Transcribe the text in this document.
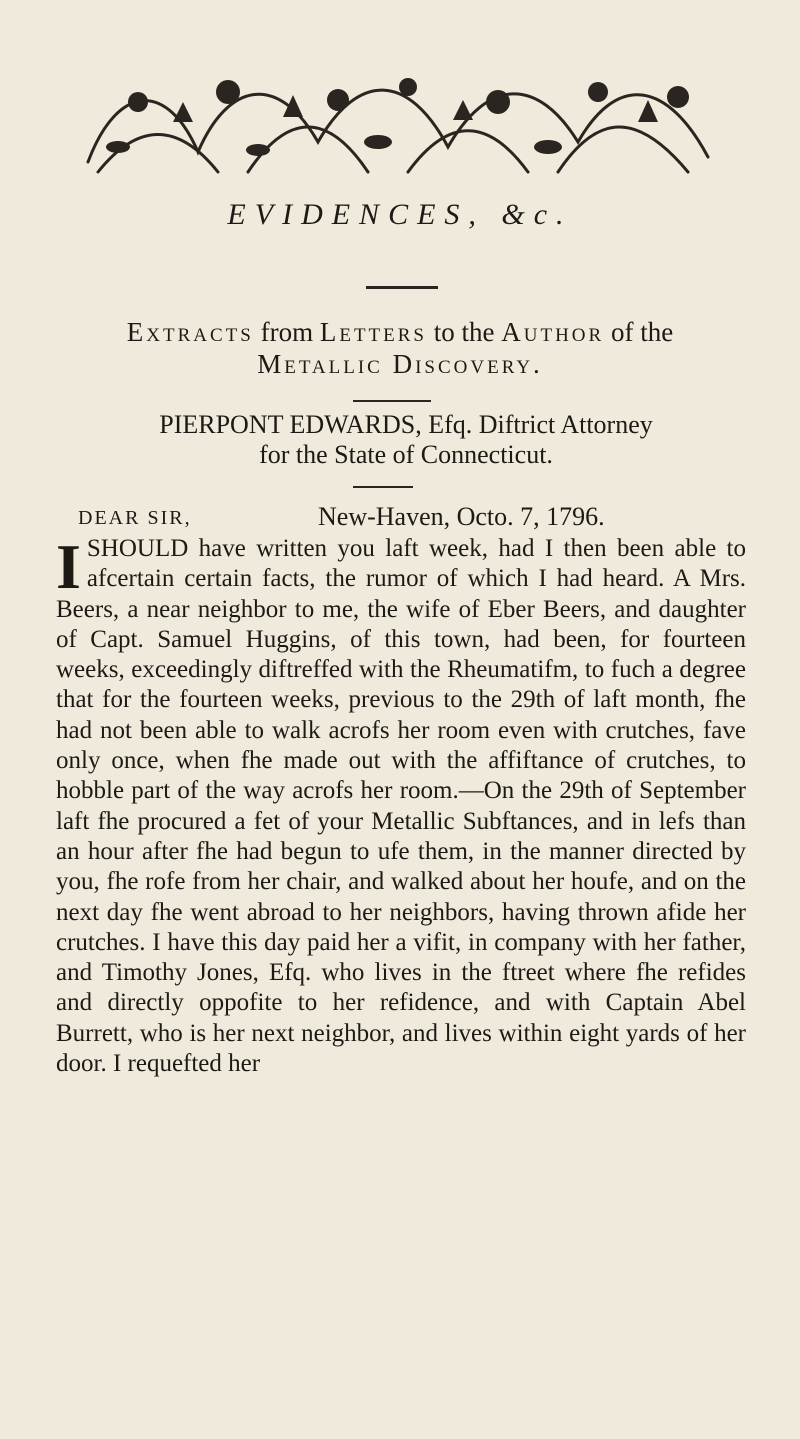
EVIDENCES, &c.
Extracts from Letters to the Author of the
Metallic Discovery.
PIERPONT EDWARDS, Efq. Diftrict Attorney
for the State of Connecticut.
DEAR SIR,	New-Haven, Octo. 7, 1796.
I SHOULD have written you laft week, had I then been able to afcertain certain facts, the rumor of which I had heard. A Mrs. Beers, a near neighbor to me, the wife of Eber Beers, and daughter of Capt. Samuel Huggins, of this town, had been, for fourteen weeks, exceedingly diftreffed with the Rheumatifm, to fuch a degree that for the fourteen weeks, previous to the 29th of laft month, fhe had not been able to walk acrofs her room even with crutches, fave only once, when fhe made out with the affiftance of crutches, to hobble part of the way acrofs her room.—On the 29th of September laft fhe procured a fet of your Metallic Subftances, and in lefs than an hour after fhe had begun to ufe them, in the manner directed by you, fhe rofe from her chair, and walked about her houfe, and on the next day fhe went abroad to her neighbors, having thrown afide her crutches. I have this day paid her a vifit, in company with her father, and Timothy Jones, Efq. who lives in the ftreet where fhe refides and directly oppofite to her refidence, and with Captain Abel Burrett, who is her next neighbor, and lives within eight yards of her door. I requefted her
